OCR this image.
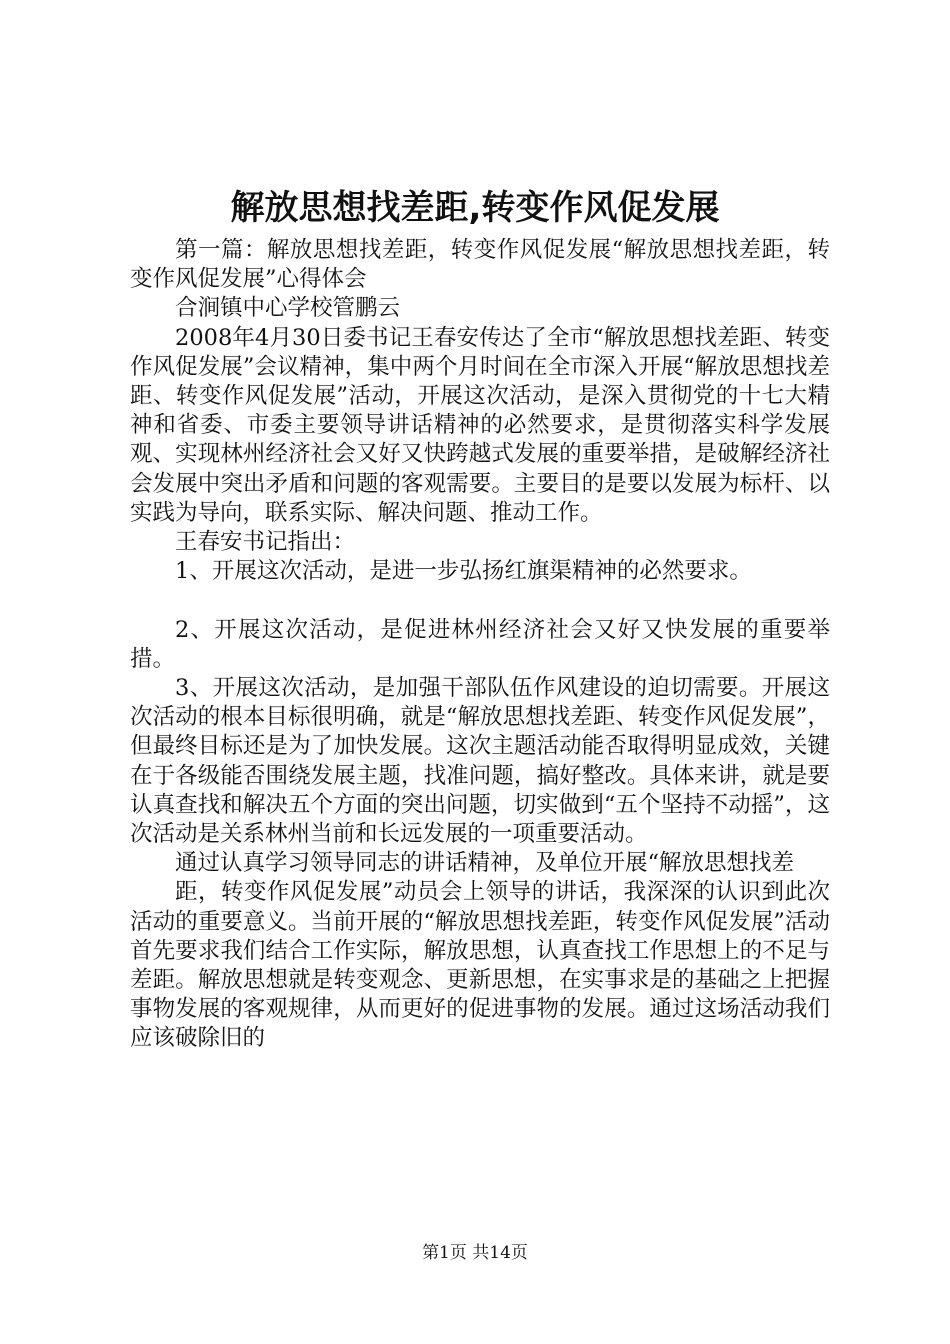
解放思想找差距,转变作风促发展

第一篇：解放思想找差距，转变作风促发展“解放思想找差距，转变作风促发展”心得体会

合涧镇中心学校管鹏云

2008年4月30日委书记王春安传达了全市“解放思想找差距、转变作风促发展”会议精神，集中两个月时间在全市深入开展“解放思想找差距、转变作风促发展”活动，开展这次活动，是深入贯彻党的十七大精神和省委、市委主要领导讲话精神的必然要求，是贯彻落实科学发展观、实现林州经济社会又好又快跨越式发展的重要举措，是破解经济社会发展中突出矛盾和问题的客观需要。主要目的是要以发展为标杆、以实践为导向，联系实际、解决问题、推动工作。

王春安书记指出：

1、开展这次活动，是进一步弘扬红旗渠精神的必然要求。

2、开展这次活动，是促进林州经济社会又好又快发展的重要举措。

3、开展这次活动，是加强干部队伍作风建设的迫切需要。开展这次活动的根本目标很明确，就是“解放思想找差距、转变作风促发展”，但最终目标还是为了加快发展。这次主题活动能否取得明显成效，关键在于各级能否围绕发展主题，找准问题，搞好整改。具体来讲，就是要认真查找和解决五个方面的突出问题，切实做到“五个坚持不动摇”，这次活动是关系林州当前和长远发展的一项重要活动。

通过认真学习领导同志的讲话精神，及单位开展“解放思想找差

距，转变作风促发展”动员会上领导的讲话，我深深的认识到此次活动的重要意义。当前开展的“解放思想找差距，转变作风促发展”活动首先要求我们结合工作实际，解放思想，认真查找工作思想上的不足与差距。解放思想就是转变观念、更新思想，在实事求是的基础之上把握事物发展的客观规律，从而更好的促进事物的发展。通过这场活动我们应该破除旧的

第1页 共14页
